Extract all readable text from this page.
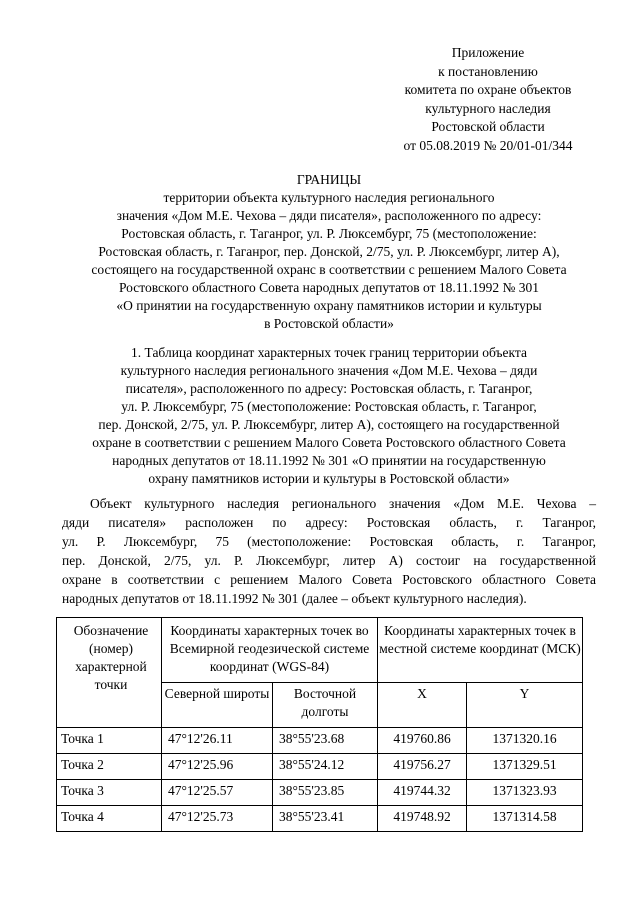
Приложение
к постановлению
комитета по охране объектов
культурного наследия
Ростовской области
от 05.08.2019 № 20/01-01/344
ГРАНИЦЫ
территории объекта культурного наследия регионального
значения «Дом М.Е. Чехова – дяди писателя», расположенного по адресу:
Ростовская область, г. Таганрог, ул. Р. Люксембург, 75 (местоположение:
Ростовская область, г. Таганрог, пер. Донской, 2/75, ул. Р. Люксембург, литер А),
состоящего на государственной охранс в соответствии с решением Малого Совета
Ростовского областного Совета народных депутатов от 18.11.1992 № 301
«О принятии на государственную охрану памятников истории и культуры
в Ростовской области»
1. Таблица координат характерных точек границ территории объекта
культурного наследия регионального значения «Дом М.Е. Чехова – дяди
писателя», расположенного по адресу: Ростовская область, г. Таганрог,
ул. Р. Люксембург, 75 (местоположение: Ростовская область, г. Таганрог,
пер. Донской, 2/75, ул. Р. Люксембург, литер А), состоящего на государственной
охране в соответствии с решением Малого Совета Ростовского областного Совета
народных депутатов от 18.11.1992 № 301 «О принятии на государственную
охрану памятников истории и культуры в Ростовской области»
Объект культурного наследия регионального значения «Дом М.Е. Чехова –
дяди писателя» расположен по адресу: Ростовская область, г. Таганрог,
ул. Р. Люксембург, 75 (местоположение: Ростовская область, г. Таганрог,
пер. Донской, 2/75, ул. Р. Люксембург, литер А) состоиг на государственной
охране в соответствии с решением Малого Совета Ростовского областного Совета
народных депутатов от 18.11.1992 № 301 (далее – объект культурного наследия).
Обозначение (номер) характерной точки	Координаты характерных точек во Всемирной геодезической системе координат (WGS-84)		Координаты характерных точек в местной системе координат (МСК)	
	Северной широты	Восточной долготы	X	Y
Точка 1	47°12'26.11	38°55'23.68	419760.86	1371320.16
Точка 2	47°12'25.96	38°55'24.12	419756.27	1371329.51
Точка 3	47°12'25.57	38°55'23.85	419744.32	1371323.93
Точка 4	47°12'25.73	38°55'23.41	419748.92	1371314.58
